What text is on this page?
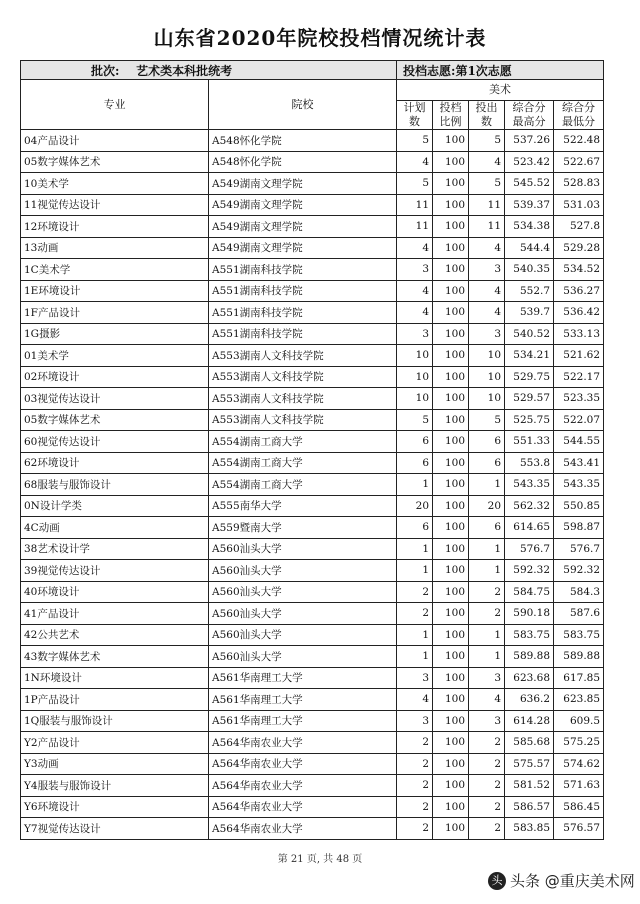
山东省2020年院校投档情况统计表
批次: 艺术类本科批统考		投档志愿:第1次志愿				
专业	院校	美术				
		计划数	投档比例	投出数	综合分最高分	综合分最低分
04产品设计	A548怀化学院	5	100	5	537.26	522.48
05数字媒体艺术	A548怀化学院	4	100	4	523.42	522.67
10美术学	A549湖南文理学院	5	100	5	545.52	528.83
11视觉传达设计	A549湖南文理学院	11	100	11	539.37	531.03
12环境设计	A549湖南文理学院	11	100	11	534.38	527.8
13动画	A549湖南文理学院	4	100	4	544.4	529.28
1C美术学	A551湖南科技学院	3	100	3	540.35	534.52
1E环境设计	A551湖南科技学院	4	100	4	552.7	536.27
1F产品设计	A551湖南科技学院	4	100	4	539.7	536.42
1G摄影	A551湖南科技学院	3	100	3	540.52	533.13
01美术学	A553湖南人文科技学院	10	100	10	534.21	521.62
02环境设计	A553湖南人文科技学院	10	100	10	529.75	522.17
03视觉传达设计	A553湖南人文科技学院	10	100	10	529.57	523.35
05数字媒体艺术	A553湖南人文科技学院	5	100	5	525.75	522.07
60视觉传达设计	A554湖南工商大学	6	100	6	551.33	544.55
62环境设计	A554湖南工商大学	6	100	6	553.8	543.41
68服装与服饰设计	A554湖南工商大学	1	100	1	543.35	543.35
0N设计学类	A555南华大学	20	100	20	562.32	550.85
4C动画	A559暨南大学	6	100	6	614.65	598.87
38艺术设计学	A560汕头大学	1	100	1	576.7	576.7
39视觉传达设计	A560汕头大学	1	100	1	592.32	592.32
40环境设计	A560汕头大学	2	100	2	584.75	584.3
41产品设计	A560汕头大学	2	100	2	590.18	587.6
42公共艺术	A560汕头大学	1	100	1	583.75	583.75
43数字媒体艺术	A560汕头大学	1	100	1	589.88	589.88
1N环境设计	A561华南理工大学	3	100	3	623.68	617.85
1P产品设计	A561华南理工大学	4	100	4	636.2	623.85
1Q服装与服饰设计	A561华南理工大学	3	100	3	614.28	609.5
Y2产品设计	A564华南农业大学	2	100	2	585.68	575.25
Y3动画	A564华南农业大学	2	100	2	575.57	574.62
Y4服装与服饰设计	A564华南农业大学	2	100	2	581.52	571.63
Y6环境设计	A564华南农业大学	2	100	2	586.57	586.45
Y7视觉传达设计	A564华南农业大学	2	100	2	583.85	576.57
第 21 页, 共 48 页
头 头条 @重庆美术网
